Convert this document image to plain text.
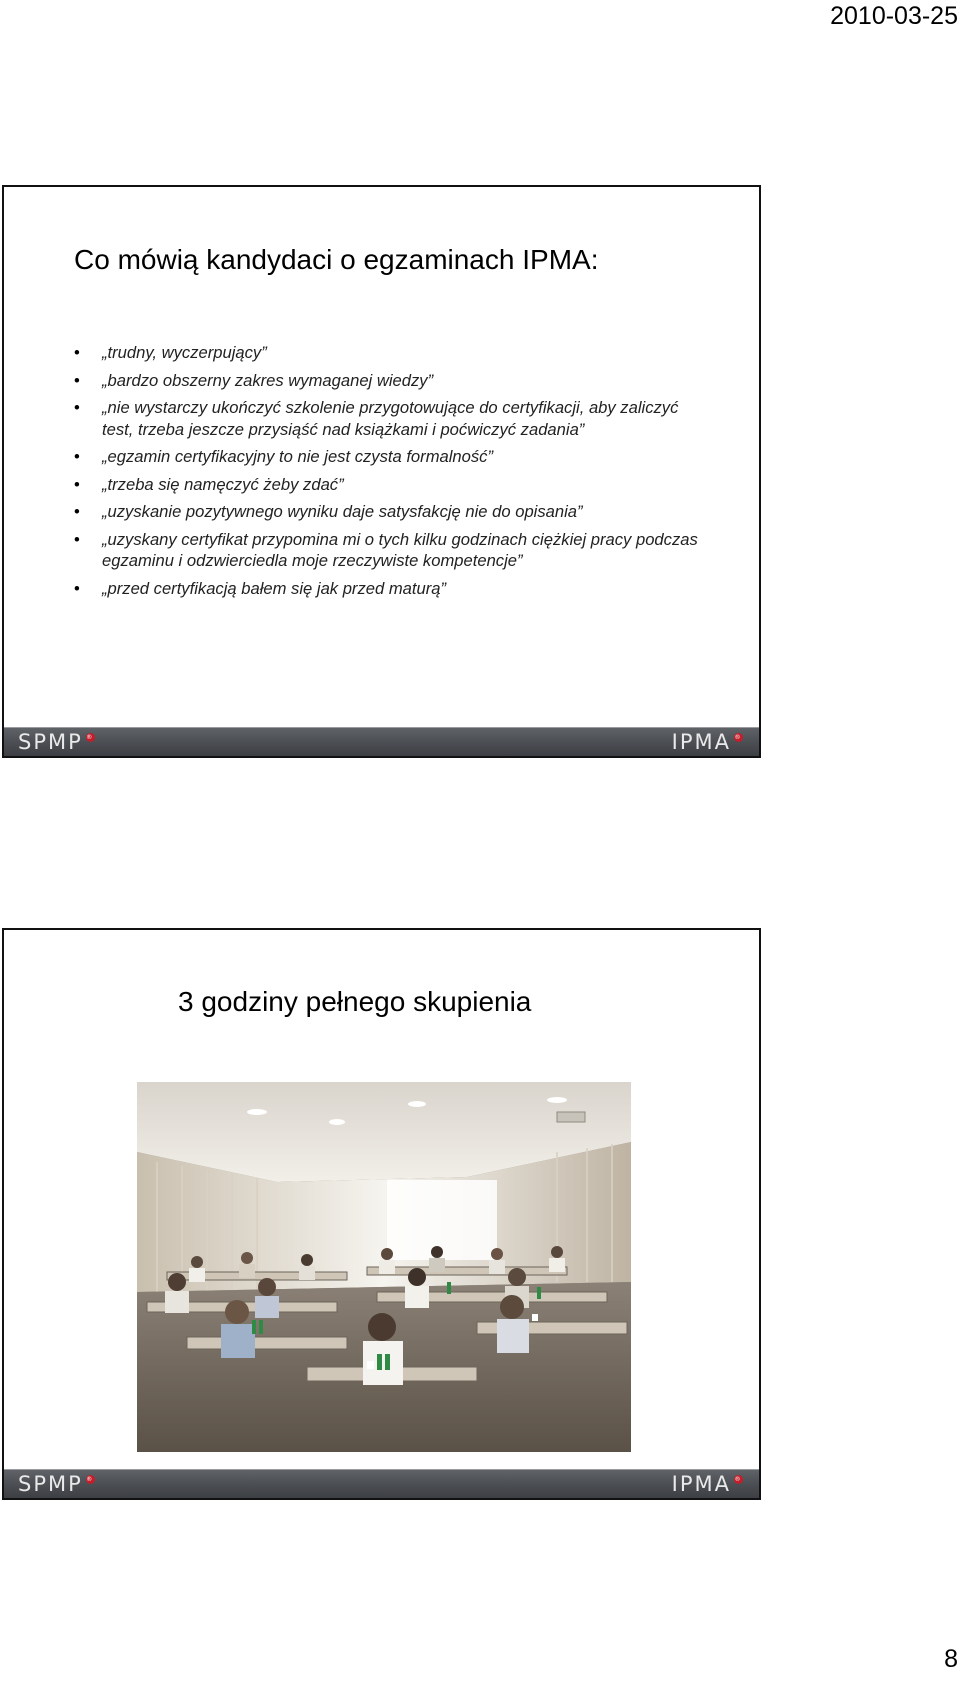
2010-03-25
Co mówią kandydaci o egzaminach IPMA:
• „trudny, wyczerpujący”
• „bardzo obszerny zakres wymaganej wiedzy”
• „nie wystarczy ukończyć szkolenie przygotowujące do certyfikacji, aby zaliczyć test, trzeba jeszcze przysiąść nad książkami i poćwiczyć zadania”
• „egzamin certyfikacyjny to nie jest czysta formalność”
• „trzeba się namęczyć żeby zdać”
• „uzyskanie pozytywnego wyniku daje satysfakcję nie do opisania”
• „uzyskany certyfikat przypomina mi o tych kilku godzinach ciężkiej pracy podczas egzaminu i odzwierciedla moje rzeczywiste kompetencje”
• „przed certyfikacją bałem się jak przed maturą”
SPMP ®	IPMA ®
3 godziny pełnego skupienia
SPMP ®	IPMA ®
8
